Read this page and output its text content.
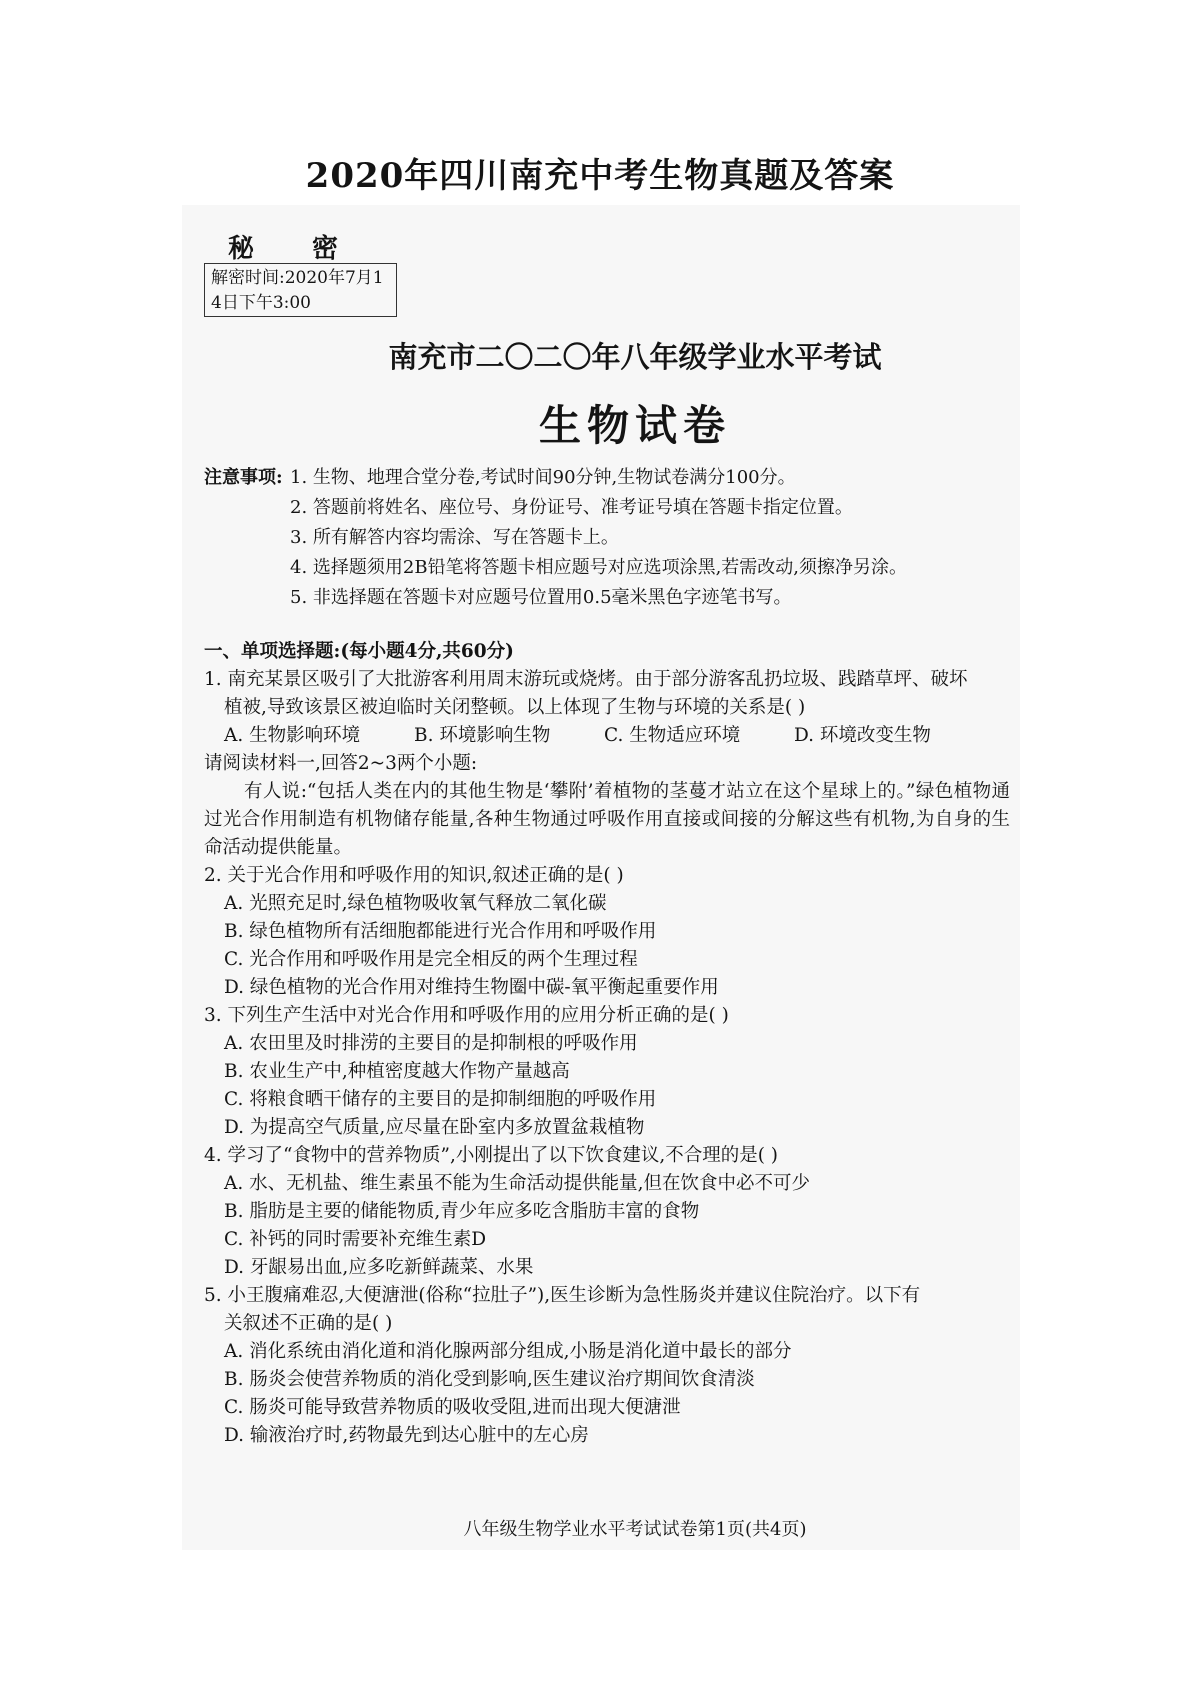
2020年四川南充中考生物真题及答案
秘密
解密时间:2020年7月14日下午3:00
南充市二〇二〇年八年级学业水平考试
生物试卷
注意事项: 1. 生物、地理合堂分卷,考试时间90分钟,生物试卷满分100分。
2. 答题前将姓名、座位号、身份证号、准考证号填在答题卡指定位置。
3. 所有解答内容均需涂、写在答题卡上。
4. 选择题须用2B铅笔将答题卡相应题号对应选项涂黑,若需改动,须擦净另涂。
5. 非选择题在答题卡对应题号位置用0.5毫米黑色字迹笔书写。
一、单项选择题:(每小题4分,共60分)
1. 南充某景区吸引了大批游客利用周末游玩或烧烤。由于部分游客乱扔垃圾、践踏草坪、破坏
植被,导致该景区被迫临时关闭整顿。以上体现了生物与环境的关系是( )
A. 生物影响环境	B. 环境影响生物	C. 生物适应环境	D. 环境改变生物
请阅读材料一,回答2~3两个小题:
有人说:“包括人类在内的其他生物是‘攀附’着植物的茎蔓才站立在这个星球上的。”绿色植物通过光合作用制造有机物储存能量,各种生物通过呼吸作用直接或间接的分解这些有机物,为自身的生命活动提供能量。
2. 关于光合作用和呼吸作用的知识,叙述正确的是( )
A. 光照充足时,绿色植物吸收氧气释放二氧化碳
B. 绿色植物所有活细胞都能进行光合作用和呼吸作用
C. 光合作用和呼吸作用是完全相反的两个生理过程
D. 绿色植物的光合作用对维持生物圈中碳-氧平衡起重要作用
3. 下列生产生活中对光合作用和呼吸作用的应用分析正确的是( )
A. 农田里及时排涝的主要目的是抑制根的呼吸作用
B. 农业生产中,种植密度越大作物产量越高
C. 将粮食晒干储存的主要目的是抑制细胞的呼吸作用
D. 为提高空气质量,应尽量在卧室内多放置盆栽植物
4. 学习了“食物中的营养物质”,小刚提出了以下饮食建议,不合理的是( )
A. 水、无机盐、维生素虽不能为生命活动提供能量,但在饮食中必不可少
B. 脂肪是主要的储能物质,青少年应多吃含脂肪丰富的食物
C. 补钙的同时需要补充维生素D
D. 牙龈易出血,应多吃新鲜蔬菜、水果
5. 小王腹痛难忍,大便溏泄(俗称“拉肚子”),医生诊断为急性肠炎并建议住院治疗。以下有
关叙述不正确的是( )
A. 消化系统由消化道和消化腺两部分组成,小肠是消化道中最长的部分
B. 肠炎会使营养物质的消化受到影响,医生建议治疗期间饮食清淡
C. 肠炎可能导致营养物质的吸收受阻,进而出现大便溏泄
D. 输液治疗时,药物最先到达心脏中的左心房
八年级生物学业水平考试试卷第1页(共4页)
